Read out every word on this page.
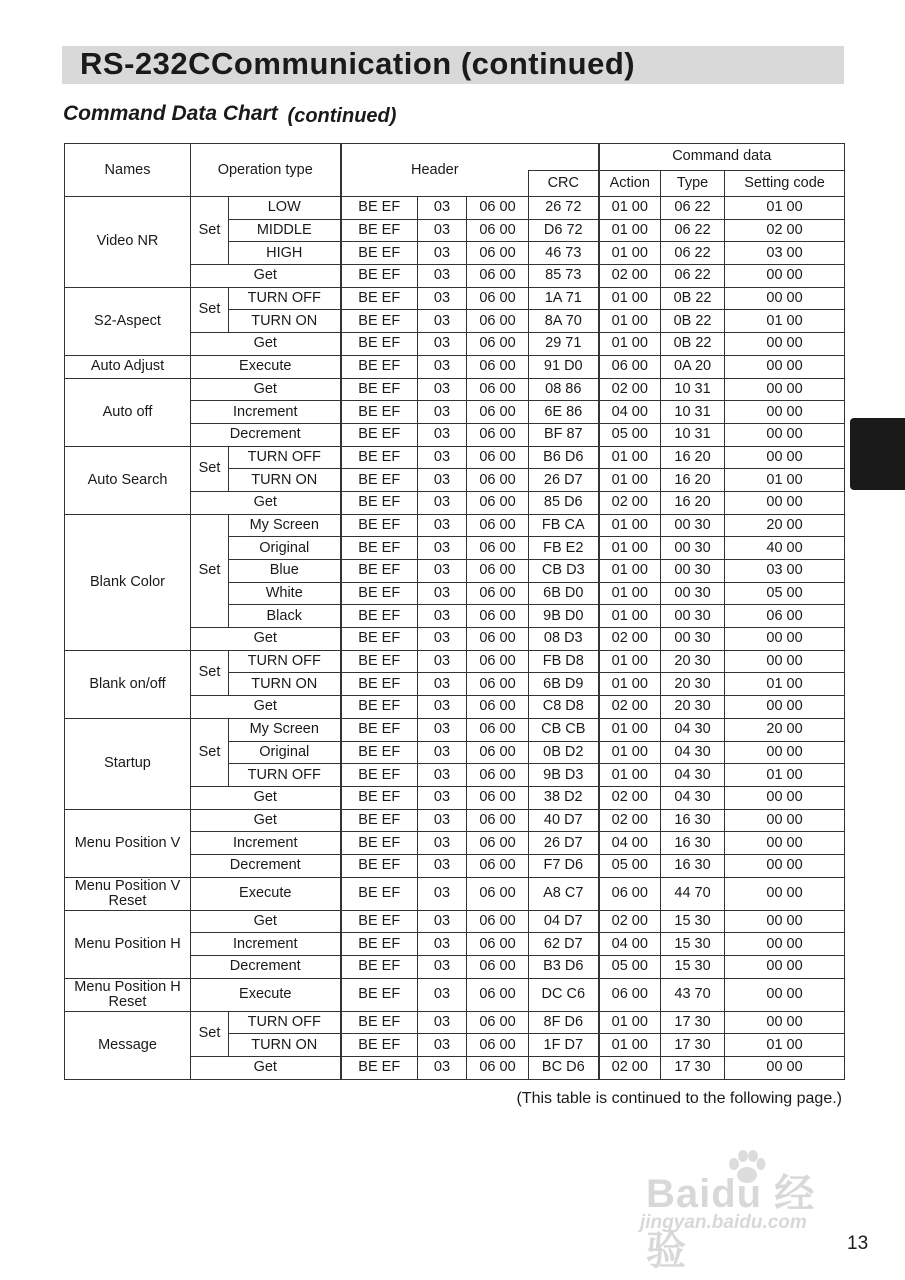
RS-232CCommunication (continued)
Command Data Chart (continued)
Names	Operation type		Header				Command data		
						CRC	Action	Type	Setting code
Video NR	Set	LOW	BE EF	03	06 00	26 72	01 00	06 22	01 00
		MIDDLE	BE EF	03	06 00	D6 72	01 00	06 22	02 00
		HIGH	BE EF	03	06 00	46 73	01 00	06 22	03 00
	Get		BE EF	03	06 00	85 73	02 00	06 22	00 00
S2-Aspect	Set	TURN OFF	BE EF	03	06 00	1A 71	01 00	0B 22	00 00
		TURN ON	BE EF	03	06 00	8A 70	01 00	0B 22	01 00
	Get		BE EF	03	06 00	29 71	01 00	0B 22	00 00
Auto Adjust	Execute		BE EF	03	06 00	91 D0	06 00	0A 20	00 00
Auto off	Get		BE EF	03	06 00	08 86	02 00	10 31	00 00
	Increment		BE EF	03	06 00	6E 86	04 00	10 31	00 00
	Decrement		BE EF	03	06 00	BF 87	05 00	10 31	00 00
Auto Search	Set	TURN OFF	BE EF	03	06 00	B6 D6	01 00	16 20	00 00
		TURN ON	BE EF	03	06 00	26 D7	01 00	16 20	01 00
	Get		BE EF	03	06 00	85 D6	02 00	16 20	00 00
Blank Color	Set	My Screen	BE EF	03	06 00	FB CA	01 00	00 30	20 00
		Original	BE EF	03	06 00	FB E2	01 00	00 30	40 00
		Blue	BE EF	03	06 00	CB D3	01 00	00 30	03 00
		White	BE EF	03	06 00	6B D0	01 00	00 30	05 00
		Black	BE EF	03	06 00	9B D0	01 00	00 30	06 00
	Get		BE EF	03	06 00	08 D3	02 00	00 30	00 00
Blank on/off	Set	TURN OFF	BE EF	03	06 00	FB D8	01 00	20 30	00 00
		TURN ON	BE EF	03	06 00	6B D9	01 00	20 30	01 00
	Get		BE EF	03	06 00	C8 D8	02 00	20 30	00 00
Startup	Set	My Screen	BE EF	03	06 00	CB CB	01 00	04 30	20 00
		Original	BE EF	03	06 00	0B D2	01 00	04 30	00 00
		TURN OFF	BE EF	03	06 00	9B D3	01 00	04 30	01 00
	Get		BE EF	03	06 00	38 D2	02 00	04 30	00 00
Menu Position V	Get		BE EF	03	06 00	40 D7	02 00	16 30	00 00
	Increment		BE EF	03	06 00	26 D7	04 00	16 30	00 00
	Decrement		BE EF	03	06 00	F7 D6	05 00	16 30	00 00
Menu Position V Reset	Execute		BE EF	03	06 00	A8 C7	06 00	44 70	00 00
Menu Position H	Get		BE EF	03	06 00	04 D7	02 00	15 30	00 00
	Increment		BE EF	03	06 00	62 D7	04 00	15 30	00 00
	Decrement		BE EF	03	06 00	B3 D6	05 00	15 30	00 00
Menu Position H Reset	Execute		BE EF	03	06 00	DC C6	06 00	43 70	00 00
Message	Set	TURN OFF	BE EF	03	06 00	8F D6	01 00	17 30	00 00
		TURN ON	BE EF	03	06 00	1F D7	01 00	17 30	01 00
	Get		BE EF	03	06 00	BC D6	02 00	17 30	00 00
(This table is continued to the following page.)
Baidu 经验
jingyan.baidu.com
13
